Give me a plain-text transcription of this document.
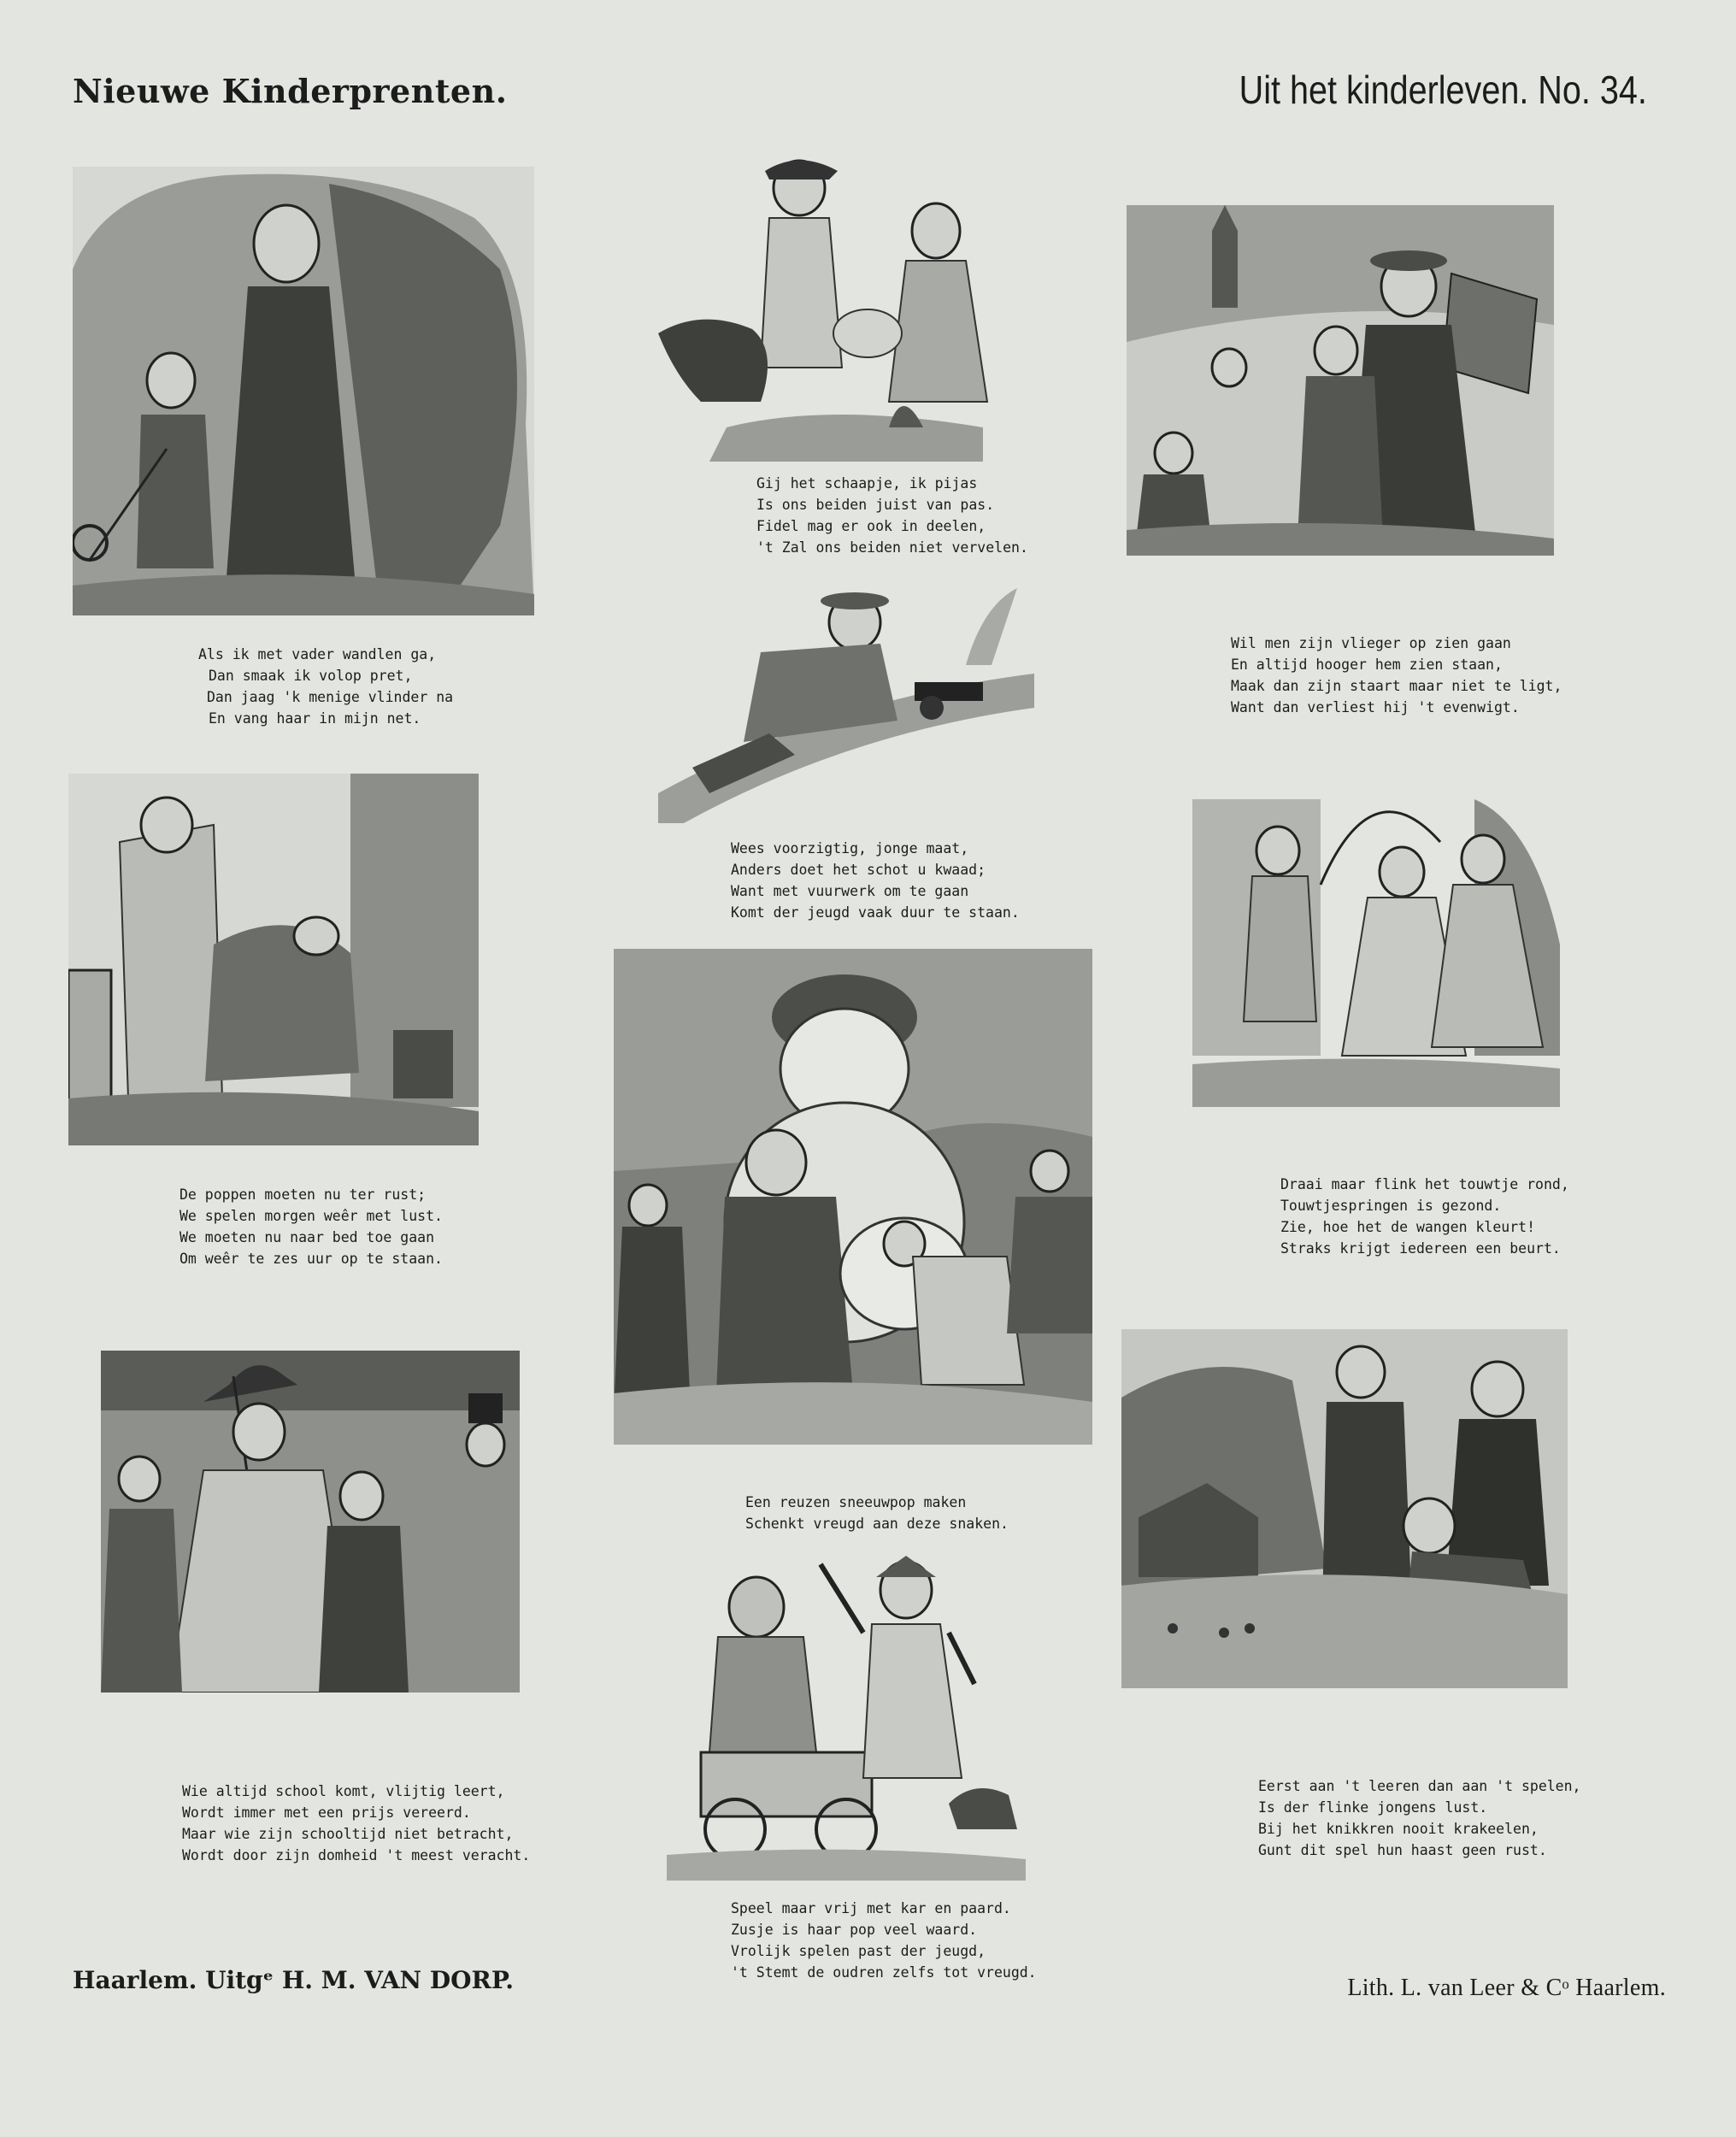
Nieuwe Kinderprenten.	Uit het kinderleven. No. 34.
Als ik met vader wandlen ga,
Dan smaak ik volop pret,
Dan jaag 'k menige vlinder na
En vang haar in mijn net.
De poppen moeten nu ter rust;
We spelen morgen weêr met lust.
We moeten nu naar bed toe gaan
Om weêr te zes uur op te staan.
Wie altijd school komt, vlijtig leert,
Wordt immer met een prijs vereerd.
Maar wie zijn schooltijd niet betracht,
Wordt door zijn domheid 't meest veracht.
Gij het schaapje, ik pijas
Is ons beiden juist van pas.
Fidel mag er ook in deelen,
't Zal ons beiden niet vervelen.
Wees voorzigtig, jonge maat,
Anders doet het schot u kwaad;
Want met vuurwerk om te gaan
Komt der jeugd vaak duur te staan.
Een reuzen sneeuwpop maken
Schenkt vreugd aan deze snaken.
Speel maar vrij met kar en paard.
Zusje is haar pop veel waard.
Vrolijk spelen past der jeugd,
't Stemt de oudren zelfs tot vreugd.
Wil men zijn vlieger op zien gaan
En altijd hooger hem zien staan,
Maak dan zijn staart maar niet te ligt,
Want dan verliest hij 't evenwigt.
Draai maar flink het touwtje rond,
Touwtjespringen is gezond.
Zie, hoe het de wangen kleurt!
Straks krijgt iedereen een beurt.
Eerst aan 't leeren dan aan 't spelen,
Is der flinke jongens lust.
Bij het knikkren nooit krakeelen,
Gunt dit spel hun haast geen rust.
Haarlem. Uitgᵉ H. M. VAN DORP.	Lith. L. van Leer & Cᵒ Haarlem.
